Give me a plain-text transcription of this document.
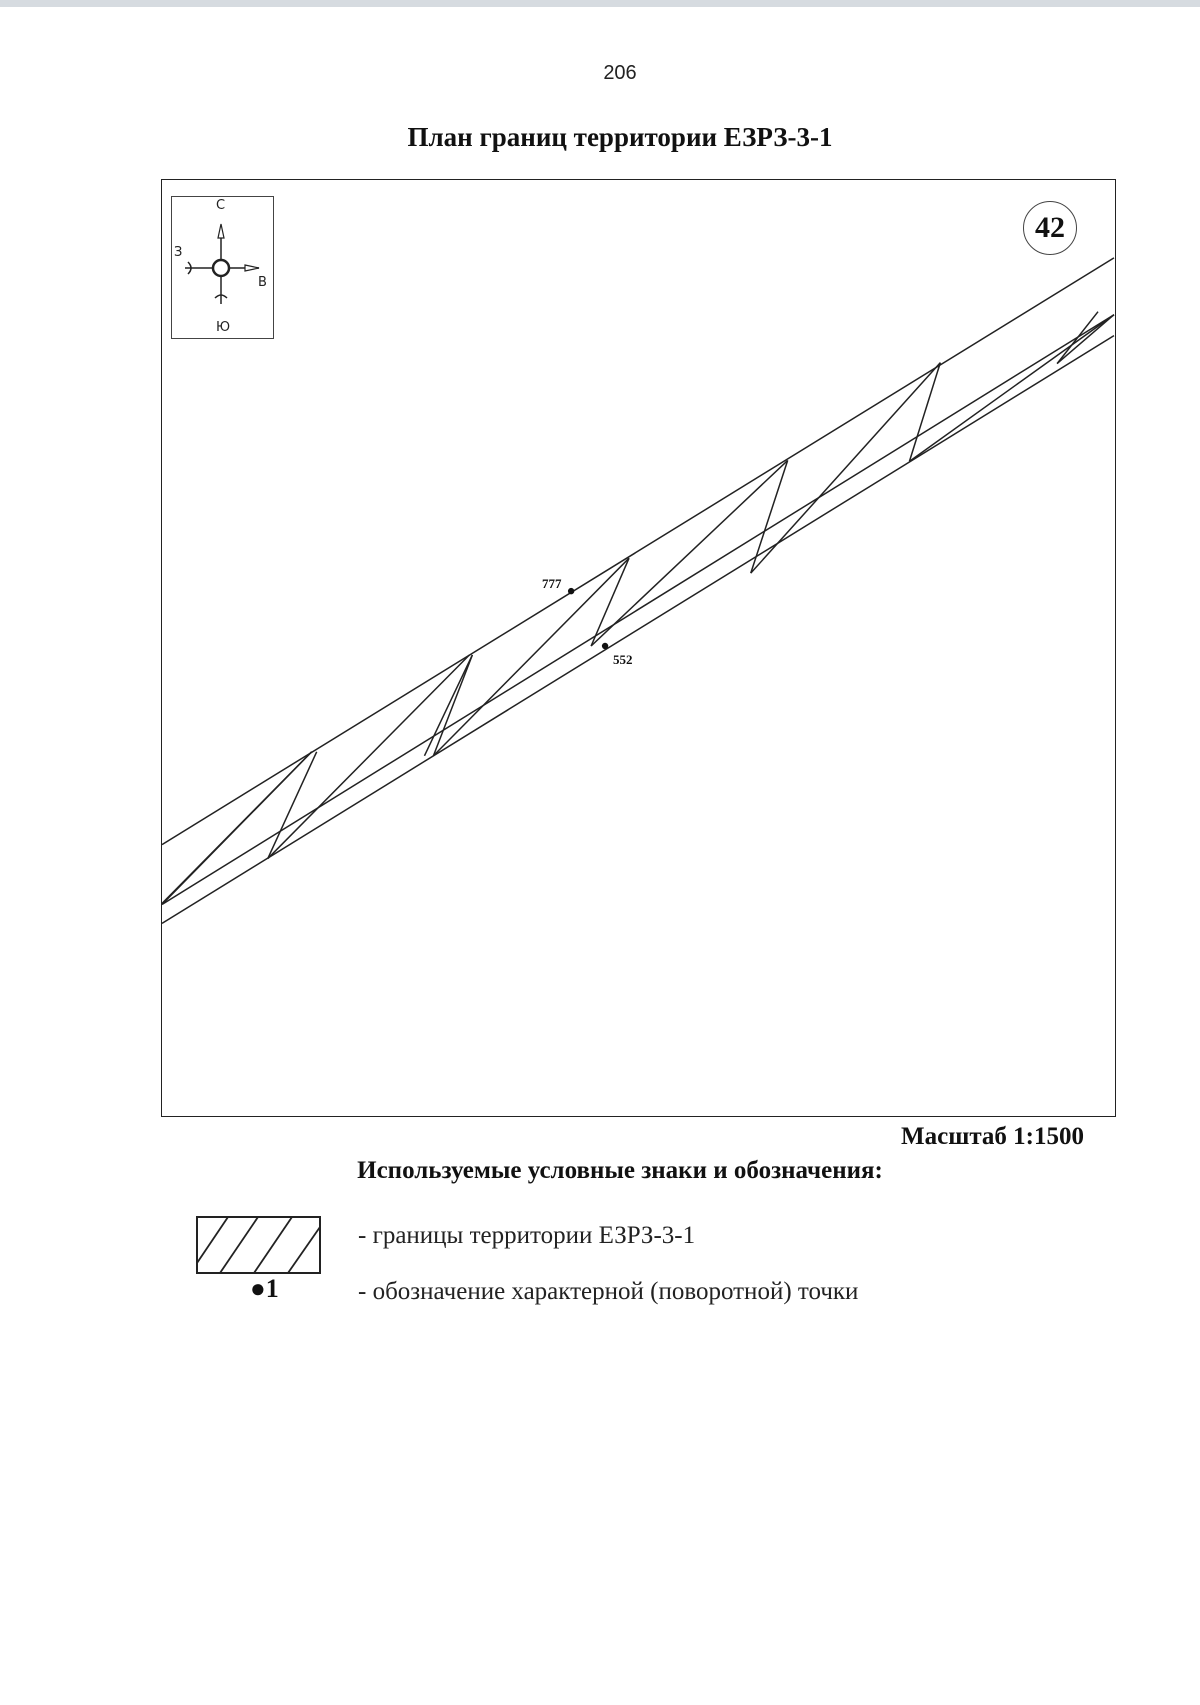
206
План границ территории ЕЗРЗ-3-1
777
552
42
С
Ю
З
В
Масштаб 1:1500
Используемые условные знаки и обозначения:
●1
- границы территории ЕЗРЗ-3-1
- обозначение характерной (поворотной) точки
